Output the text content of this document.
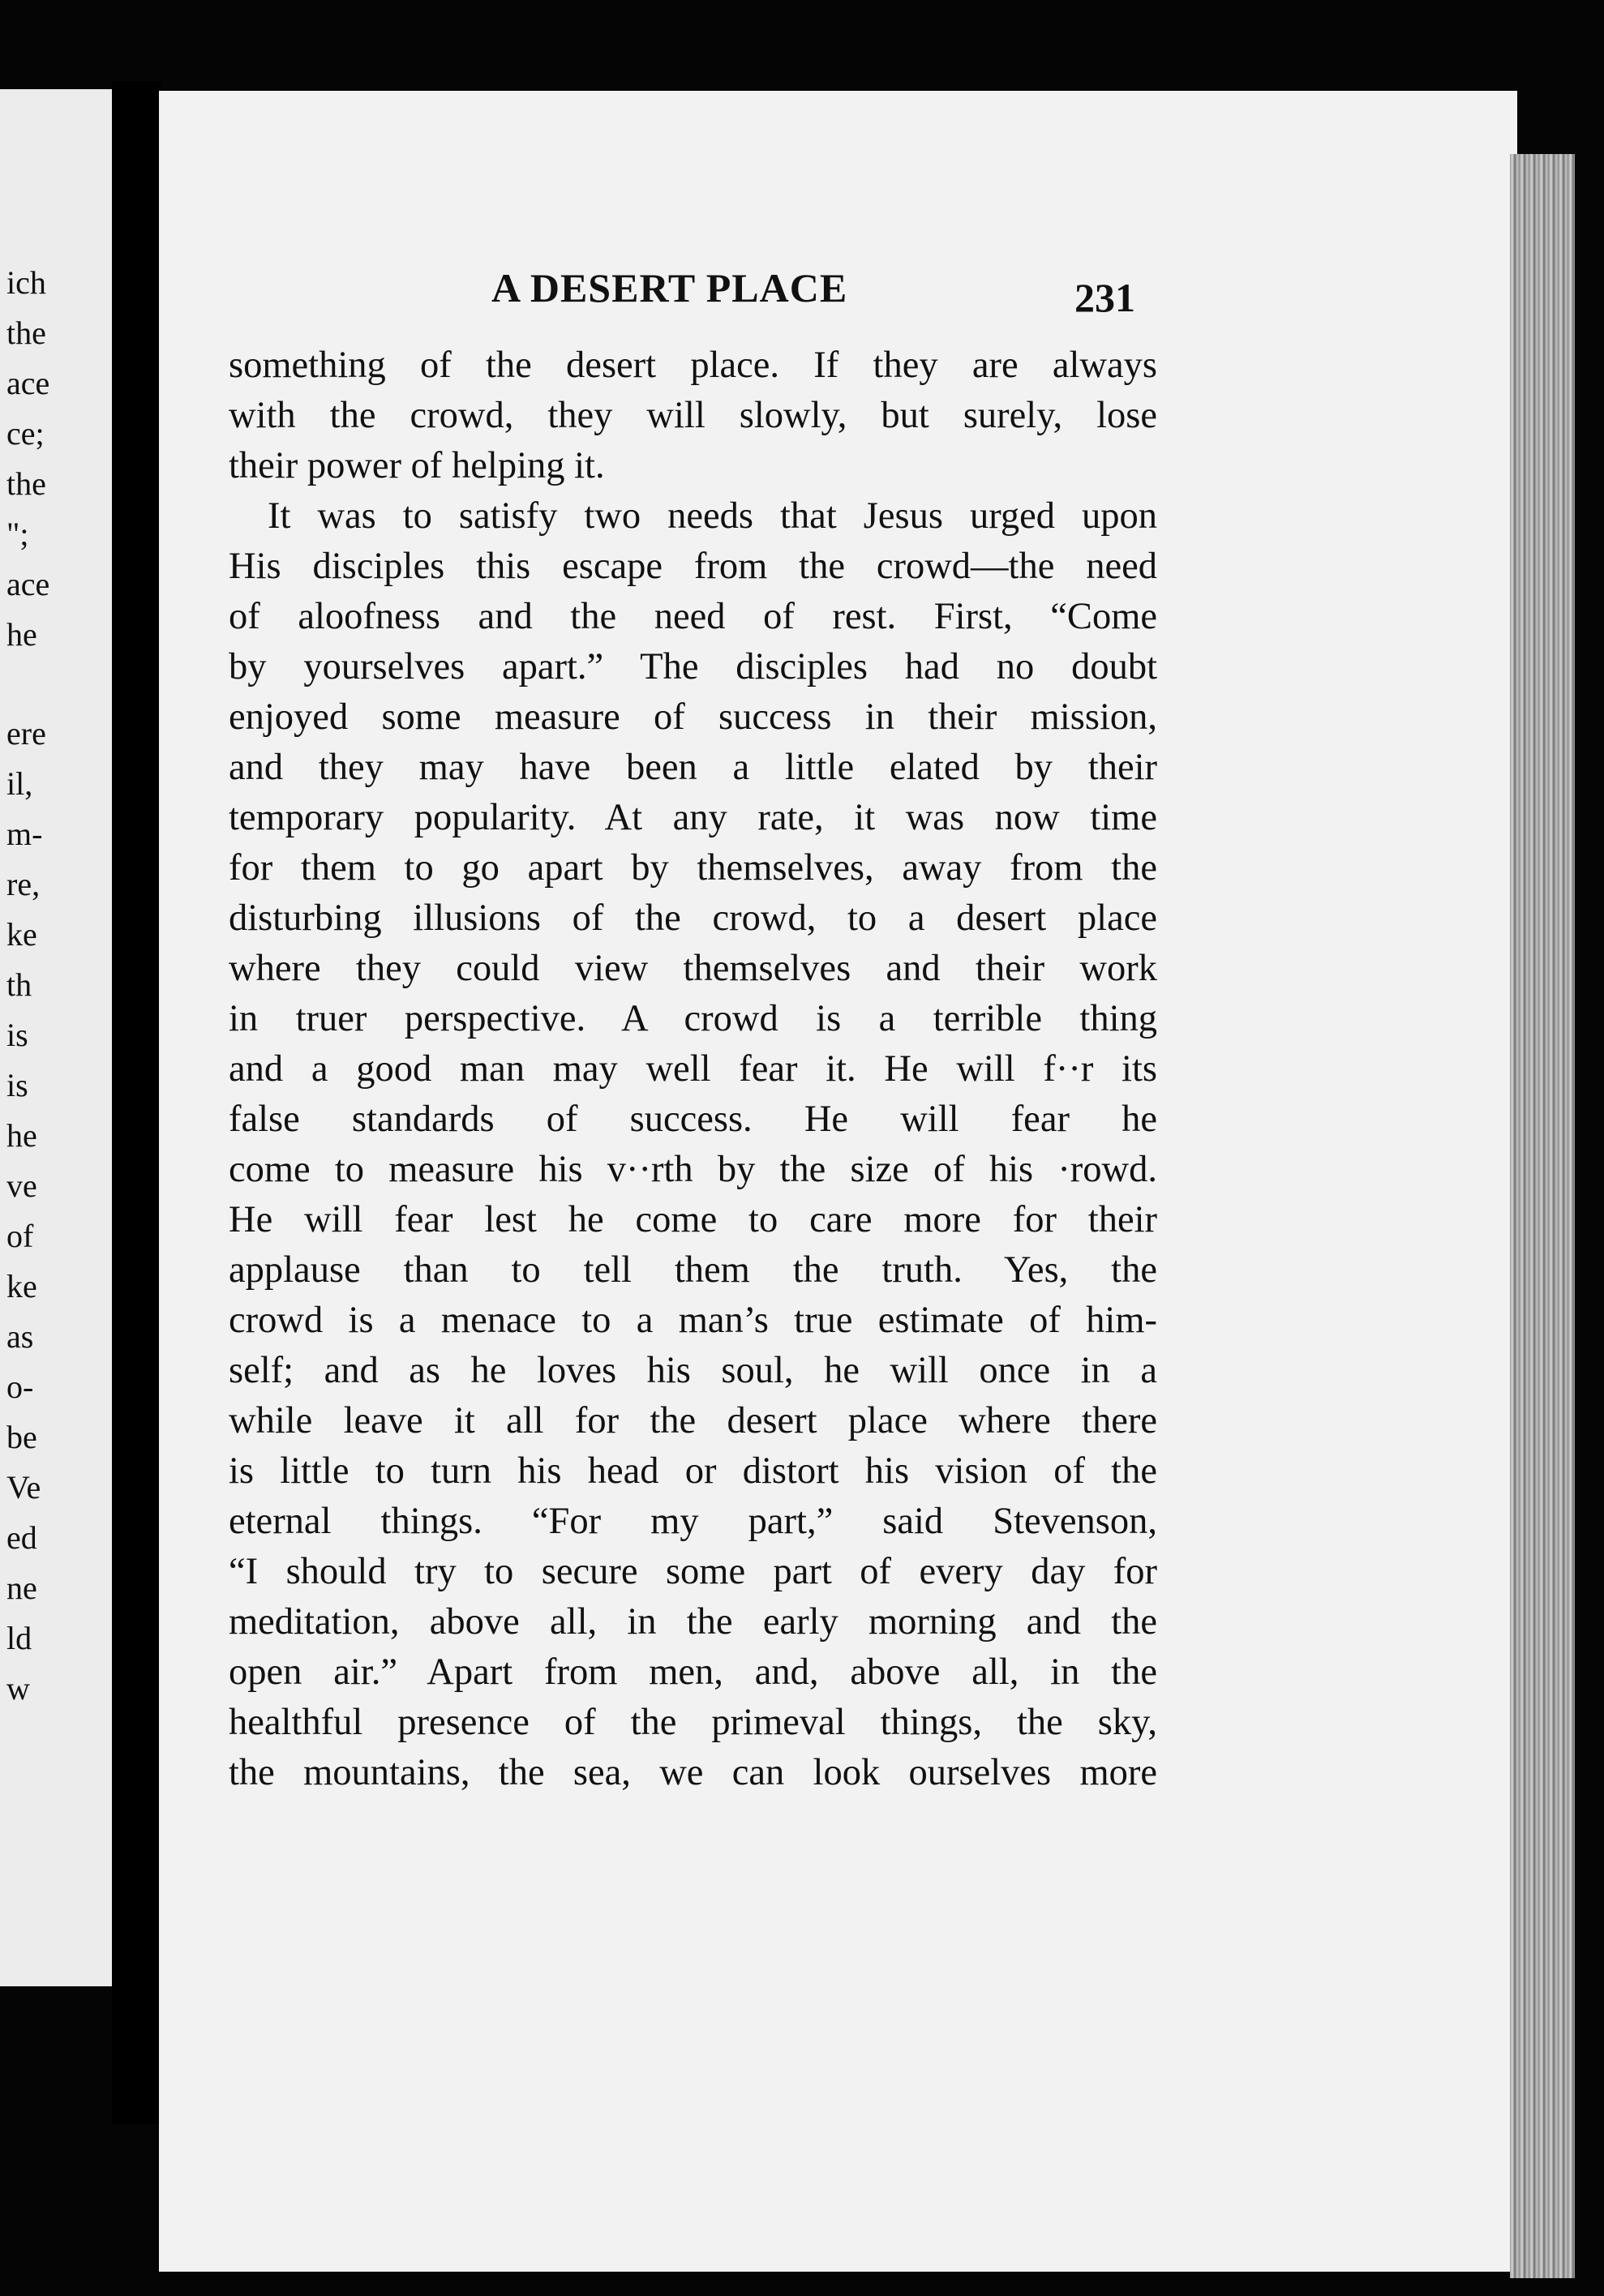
ich
the
ace
ce;
the
";
ace
he
ere
il,
m-
re,
ke
th
is
is
he
ve
of
ke
as
o-
be
Ve
ed
ne
ld
w
A DESERT PLACE	231
something of the desert place. If they are always
with the crowd, they will slowly, but surely, lose
their power of helping it.
It was to satisfy two needs that Jesus urged upon
His disciples this escape from the crowd—the need
of aloofness and the need of rest. First, “Come
by yourselves apart.” The disciples had no doubt
enjoyed some measure of success in their mission,
and they may have been a little elated by their
temporary popularity. At any rate, it was now time
for them to go apart by themselves, away from the
disturbing illusions of the crowd, to a desert place
where they could view themselves and their work
in truer perspective. A crowd is a terrible thing
and a good man may well fear it. He will f··r its
false standards of success. He will fear he
come to measure his v··rth by the size of his ·rowd.
He will fear lest he come to care more for their
applause than to tell them the truth. Yes, the
crowd is a menace to a man’s true estimate of him-
self; and as he loves his soul, he will once in a
while leave it all for the desert place where there
is little to turn his head or distort his vision of the
eternal things. “For my part,” said Stevenson,
“I should try to secure some part of every day for
meditation, above all, in the early morning and the
open air.” Apart from men, and, above all, in the
healthful presence of the primeval things, the sky,
the mountains, the sea, we can look ourselves more
